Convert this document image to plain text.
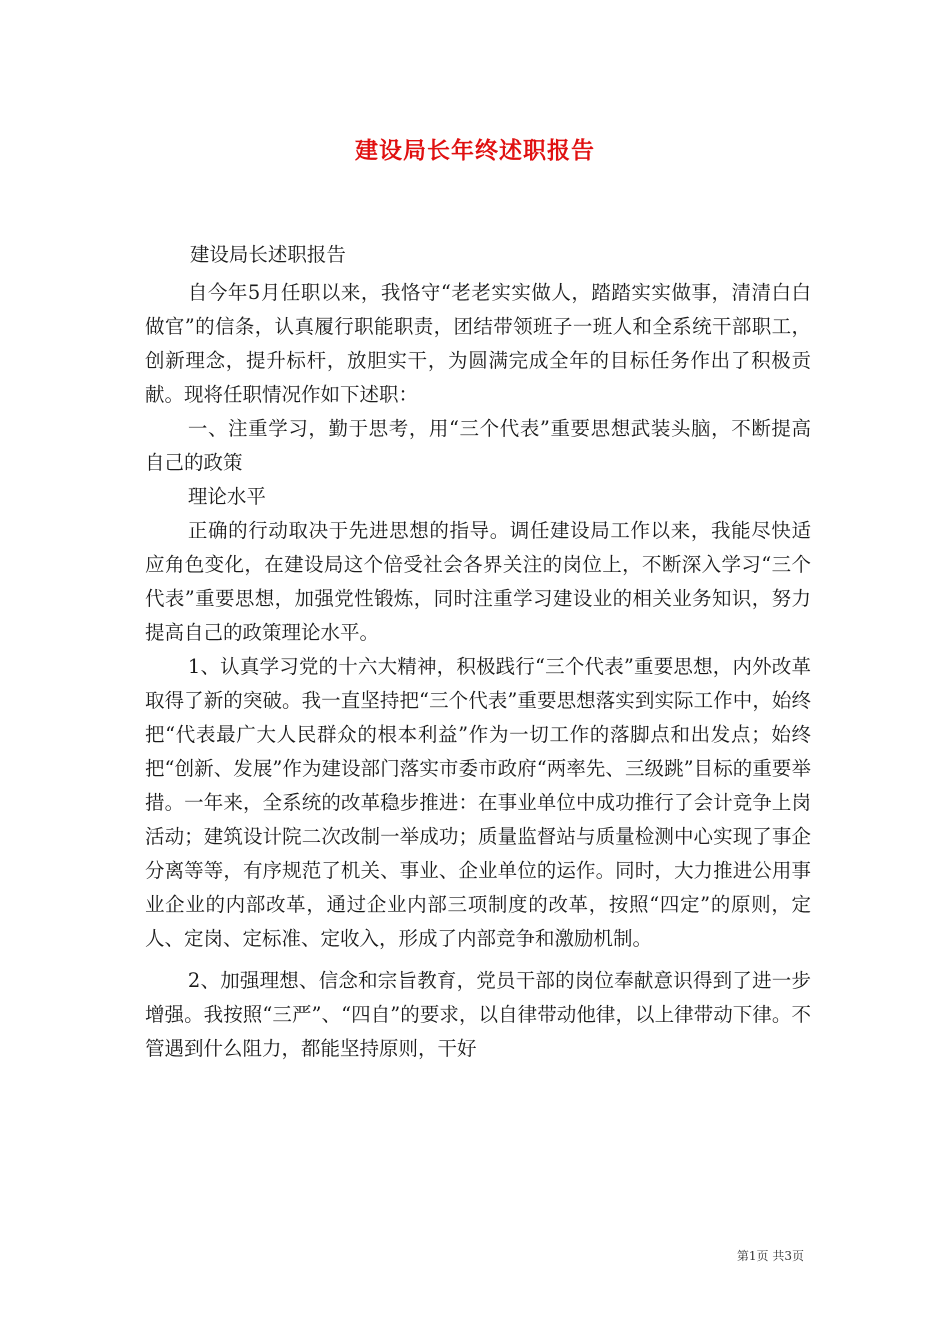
建设局长年终述职报告

建设局长述职报告

自今年5月任职以来，我恪守“老老实实做人，踏踏实实做事，清清白白做官”的信条，认真履行职能职责，团结带领班子一班人和全系统干部职工，创新理念，提升标杆，放胆实干，为圆满完成全年的目标任务作出了积极贡献。现将任职情况作如下述职：

一、注重学习，勤于思考，用“三个代表”重要思想武装头脑，不断提高自己的政策

理论水平

正确的行动取决于先进思想的指导。调任建设局工作以来，我能尽快适应角色变化，在建设局这个倍受社会各界关注的岗位上，不断深入学习“三个代表”重要思想，加强党性锻炼，同时注重学习建设业的相关业务知识，努力提高自己的政策理论水平。

1、认真学习党的十六大精神，积极践行“三个代表”重要思想，内外改革取得了新的突破。我一直坚持把“三个代表”重要思想落实到实际工作中，始终把“代表最广大人民群众的根本利益”作为一切工作的落脚点和出发点；始终把“创新、发展”作为建设部门落实市委市政府“两率先、三级跳”目标的重要举措。一年来，全系统的改革稳步推进：在事业单位中成功推行了会计竞争上岗活动；建筑设计院二次改制一举成功；质量监督站与质量检测中心实现了事企分离等等，有序规范了机关、事业、企业单位的运作。同时，大力推进公用事业企业的内部改革，通过企业内部三项制度的改革，按照“四定”的原则，定人、定岗、定标准、定收入，形成了内部竞争和激励机制。

2、加强理想、信念和宗旨教育，党员干部的岗位奉献意识得到了进一步增强。我按照“三严”、“四自”的要求，以自律带动他律，以上律带动下律。不管遇到什么阻力，都能坚持原则，干好

第1页 共3页
